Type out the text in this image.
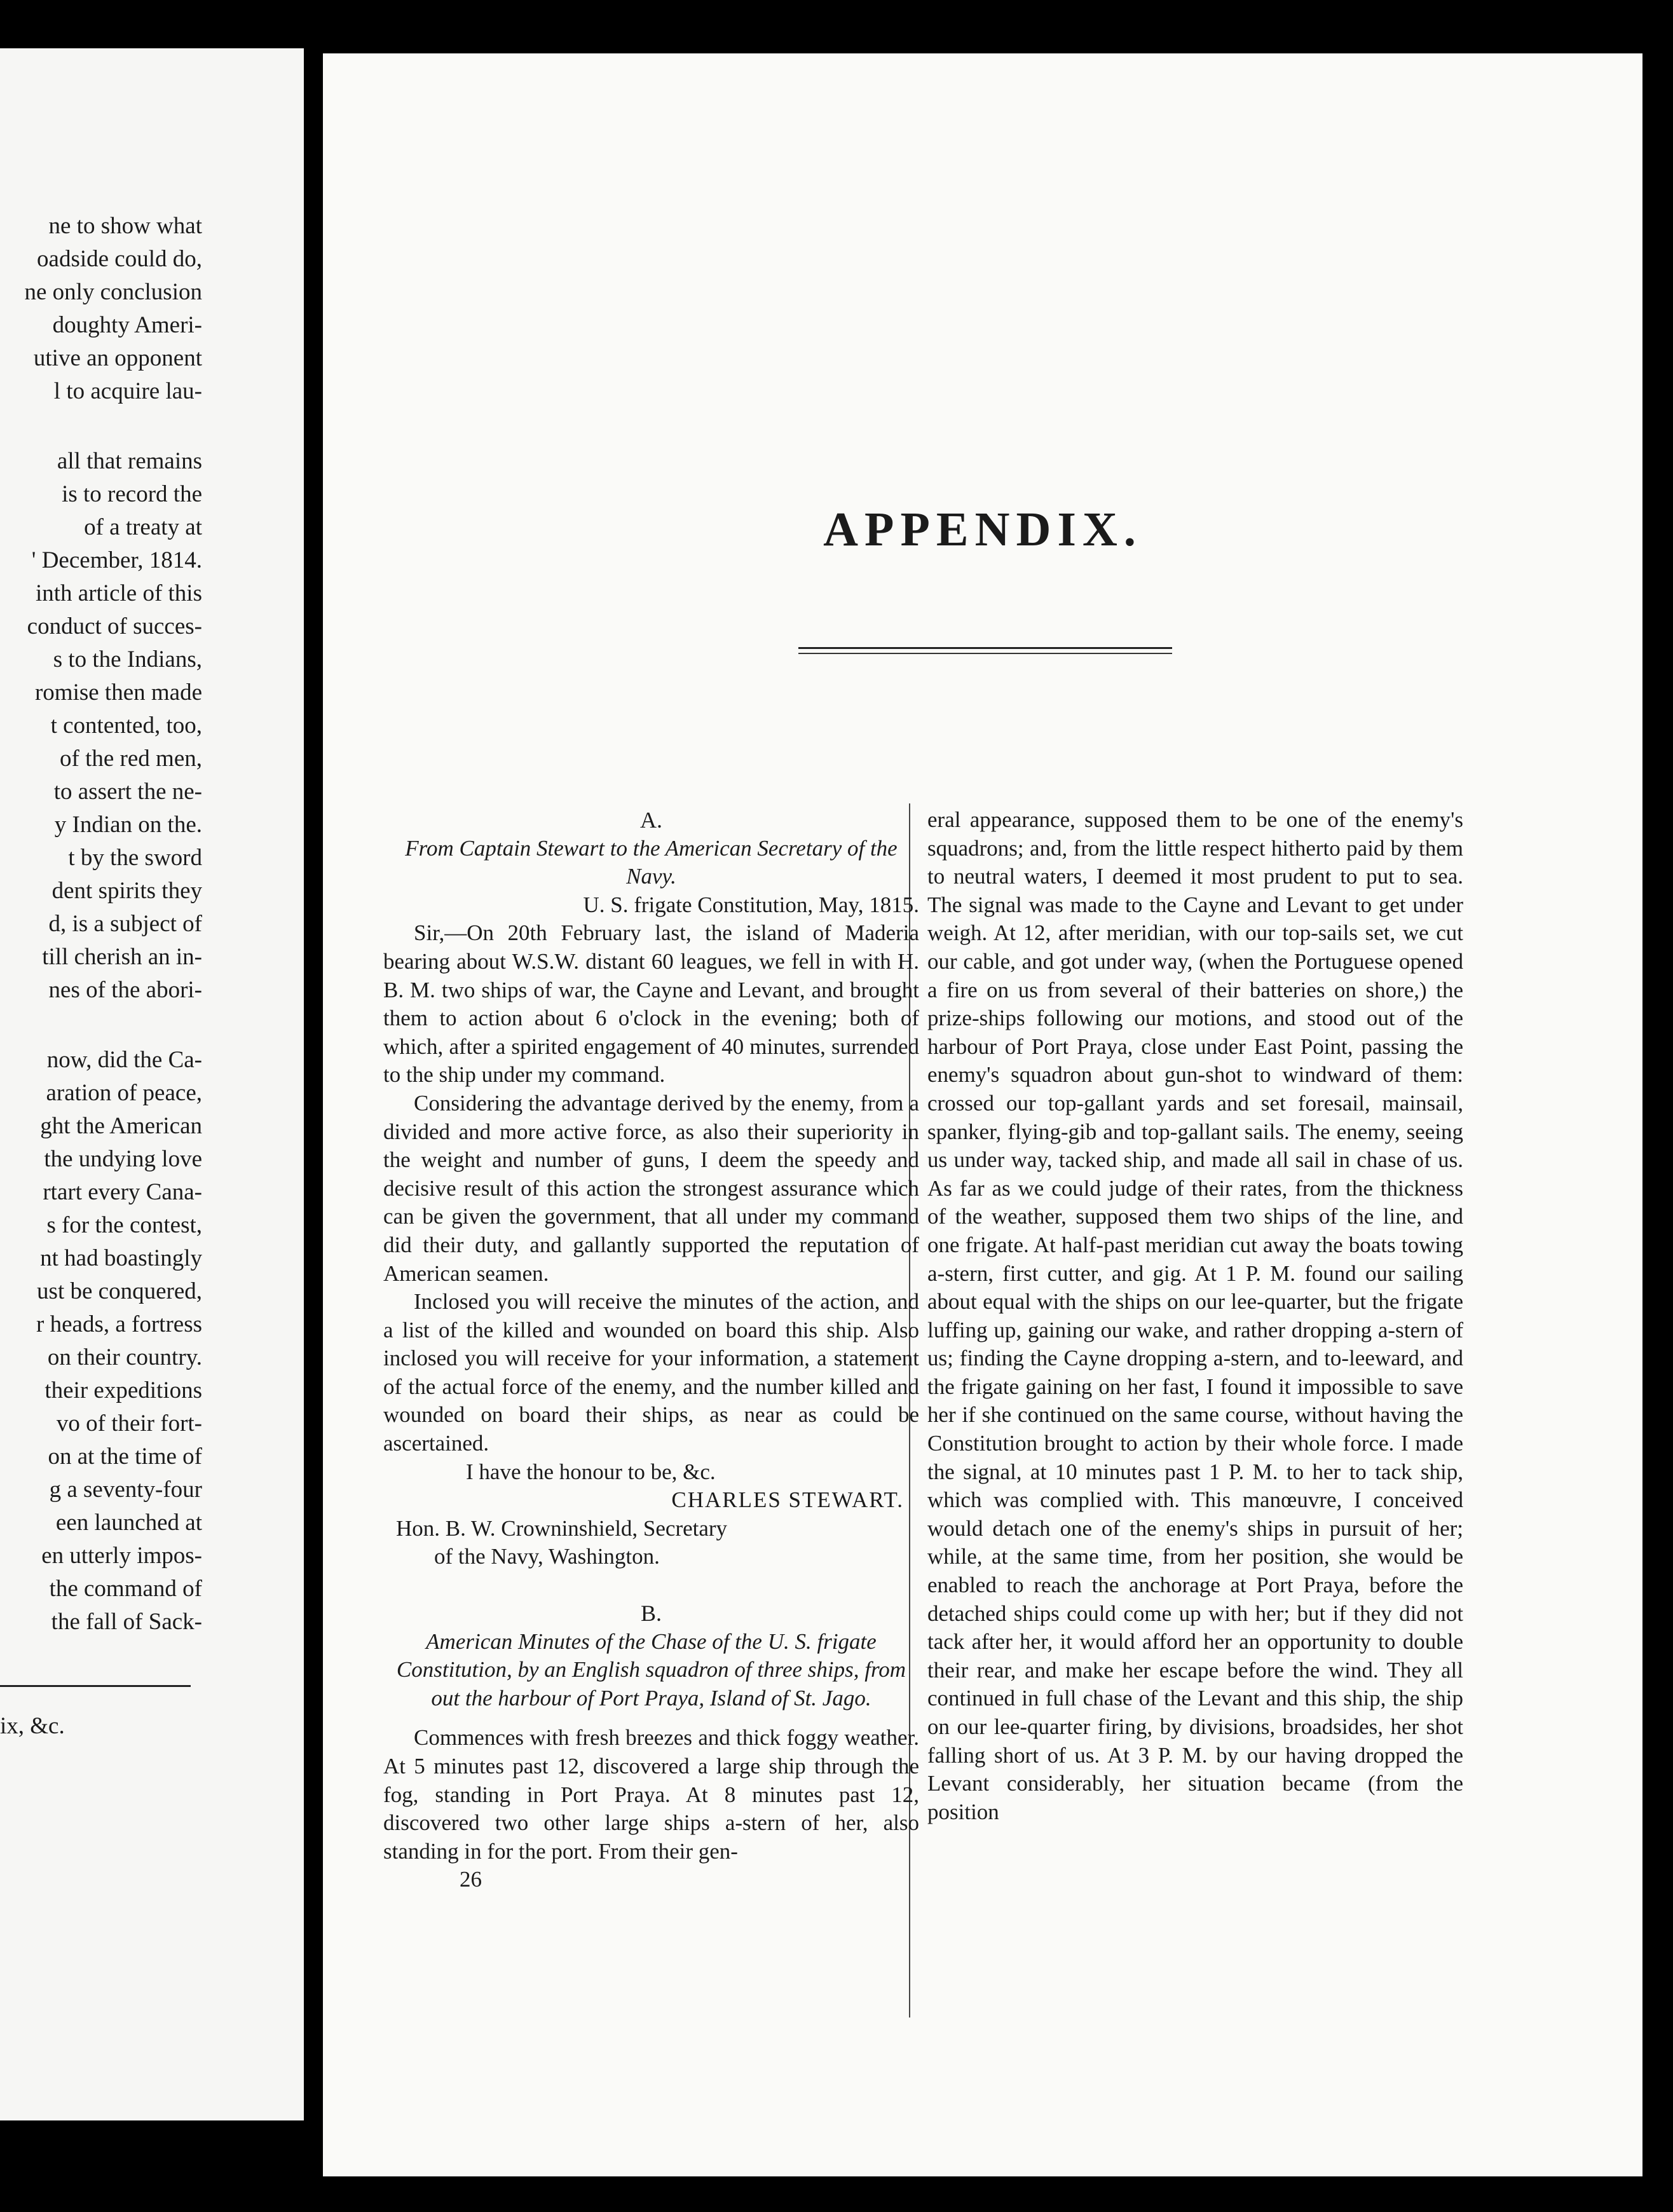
ne to show what

oadside could do,

ne only conclusion

doughty Ameri-

utive an opponent

l to acquire lau-

all that remains

is to record the

of a treaty at

' December, 1814.

inth article of this

conduct of succes-

s to the Indians,

romise then made

t contented, too,

of the red men,

to assert the ne-

y Indian on the.

t by the sword

dent spirits they

d, is a subject of

till cherish an in-

nes of the abori-

now, did the Ca-

aration of peace,

ght the American

the undying love

rtart every Cana-

s for the contest,

nt had boastingly

ust be conquered,

r heads, a fortress

on their country.

their expeditions

vo of their fort-

on at the time of

g a seventy-four

een launched at

en utterly impos-

the command of

the fall of Sack-

ix, &c.

APPENDIX.

A.

From Captain Stewart to the American Secretary of the Navy.

U. S. frigate Constitution, May, 1815.

Sir,—On 20th February last, the island of Maderia bearing about W.S.W. distant 60 leagues, we fell in with H. B. M. two ships of war, the Cayne and Levant, and brought them to action about 6 o'clock in the evening; both of which, after a spirited engagement of 40 minutes, surrended to the ship under my command.

Considering the advantage derived by the enemy, from a divided and more active force, as also their superiority in the weight and number of guns, I deem the speedy and decisive result of this action the strongest assurance which can be given the government, that all under my command did their duty, and gallantly supported the reputation of American seamen.

Inclosed you will receive the minutes of the action, and a list of the killed and wounded on board this ship. Also inclosed you will receive for your information, a statement of the actual force of the enemy, and the number killed and wounded on board their ships, as near as could be ascertained.

I have the honour to be, &c.

CHARLES STEWART.

Hon. B. W. Crowninshield, Secretary

of the Navy, Washington.

B.

American Minutes of the Chase of the U. S. frigate Constitution, by an English squadron of three ships, from out the harbour of Port Praya, Island of St. Jago.

Commences with fresh breezes and thick foggy weather. At 5 minutes past 12, discovered a large ship through the fog, standing in Port Praya. At 8 minutes past 12, discovered two other large ships a-stern of her, also standing in for the port. From their gen-

26

eral appearance, supposed them to be one of the enemy's squadrons; and, from the little respect hitherto paid by them to neutral waters, I deemed it most prudent to put to sea. The signal was made to the Cayne and Levant to get under weigh. At 12, after meridian, with our top-sails set, we cut our cable, and got under way, (when the Portuguese opened a fire on us from several of their batteries on shore,) the prize-ships following our motions, and stood out of the harbour of Port Praya, close under East Point, passing the enemy's squadron about gun-shot to windward of them: crossed our top-gallant yards and set foresail, mainsail, spanker, flying-gib and top-gallant sails. The enemy, seeing us under way, tacked ship, and made all sail in chase of us. As far as we could judge of their rates, from the thickness of the weather, supposed them two ships of the line, and one frigate. At half-past meridian cut away the boats towing a-stern, first cutter, and gig. At 1 P. M. found our sailing about equal with the ships on our lee-quarter, but the frigate luffing up, gaining our wake, and rather dropping a-stern of us; finding the Cayne dropping a-stern, and to-leeward, and the frigate gaining on her fast, I found it impossible to save her if she continued on the same course, without having the Constitution brought to action by their whole force. I made the signal, at 10 minutes past 1 P. M. to her to tack ship, which was complied with. This manœuvre, I conceived would detach one of the enemy's ships in pursuit of her; while, at the same time, from her position, she would be enabled to reach the anchorage at Port Praya, before the detached ships could come up with her; but if they did not tack after her, it would afford her an opportunity to double their rear, and make her escape before the wind. They all continued in full chase of the Levant and this ship, the ship on our lee-quarter firing, by divisions, broadsides, her shot falling short of us. At 3 P. M. by our having dropped the Levant considerably, her situation became (from the position
